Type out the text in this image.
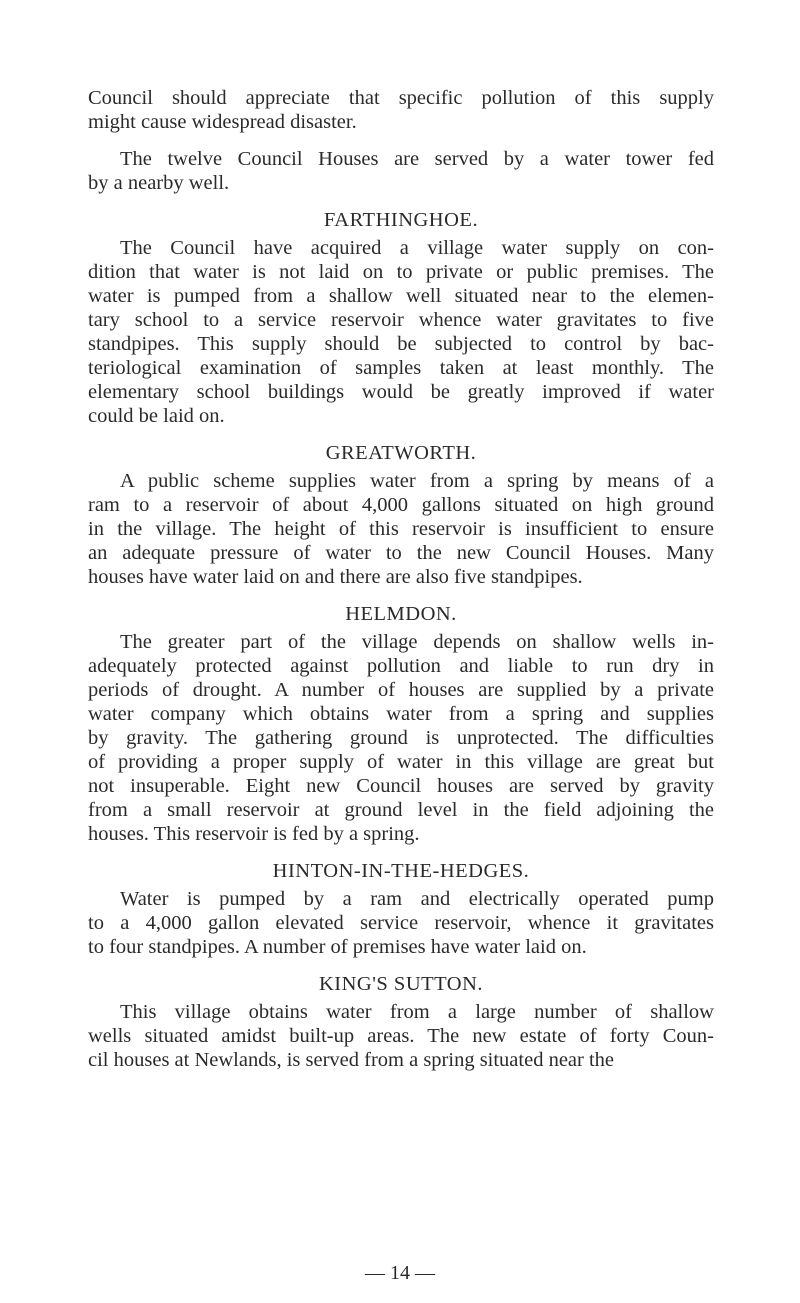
Council should appreciate that specific pollution of this supply
might cause widespread disaster.

The twelve Council Houses are served by a water tower fed
by a nearby well.

FARTHINGHOE.

The Council have acquired a village water supply on con-
dition that water is not laid on to private or public premises. The
water is pumped from a shallow well situated near to the elemen-
tary school to a service reservoir whence water gravitates to five
standpipes. This supply should be subjected to control by bac-
teriological examination of samples taken at least monthly. The
elementary school buildings would be greatly improved if water
could be laid on.

GREATWORTH.

A public scheme supplies water from a spring by means of a
ram to a reservoir of about 4,000 gallons situated on high ground
in the village. The height of this reservoir is insufficient to ensure
an adequate pressure of water to the new Council Houses. Many
houses have water laid on and there are also five standpipes.

HELMDON.

The greater part of the village depends on shallow wells in-
adequately protected against pollution and liable to run dry in
periods of drought. A number of houses are supplied by a private
water company which obtains water from a spring and supplies
by gravity. The gathering ground is unprotected. The difficulties
of providing a proper supply of water in this village are great but
not insuperable. Eight new Council houses are served by gravity
from a small reservoir at ground level in the field adjoining the
houses. This reservoir is fed by a spring.

HINTON-IN-THE-HEDGES.

Water is pumped by a ram and electrically operated pump
to a 4,000 gallon elevated service reservoir, whence it gravitates
to four standpipes. A number of premises have water laid on.

KING'S SUTTON.

This village obtains water from a large number of shallow
wells situated amidst built-up areas. The new estate of forty Coun-
cil houses at Newlands, is served from a spring situated near the

— 14 —
